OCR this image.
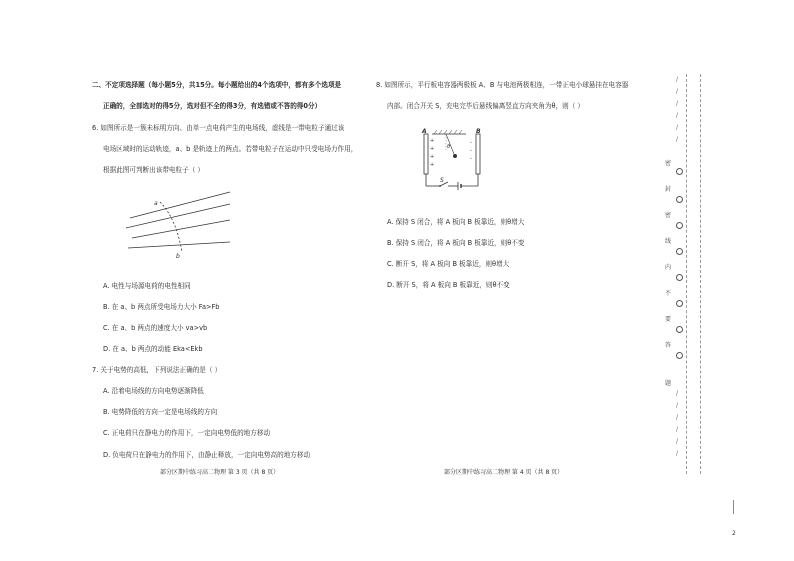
二、不定项选择题（每小题5分，共15分。每小题给出的4个选项中，都有多个选项是
正确的，全部选对的得5分，选对但不全的得3分，有选错或不答的得0分）
6. 如图所示是一簇未标明方向、由单一点电荷产生的电场线，虚线是一带电粒子通过该
电场区域时的运动轨迹，a、b 是轨迹上的两点。若带电粒子在运动中只受电场力作用，
根据此图可判断出该带电粒子（ ）
a
b
A. 电性与场源电荷的电性相同
B. 在 a、b 两点所受电场力大小 Fa>Fb
C. 在 a、b 两点的速度大小 va>vb
D. 在 a、b 两点的动能 Eka<Ekb
7. 关于电势的高低，下列说法正确的是（ ）
A. 沿着电场线的方向电势逐渐降低
B. 电势降低的方向一定是电场线的方向
C. 正电荷只在静电力的作用下，一定向电势低的地方移动
D. 负电荷只在静电力的作用下，由静止释放，一定向电势高的地方移动
部分区期中练习高二物理 第 3 页（共 8 页）
8. 如图所示，平行板电容器两极板 A、B 与电池两极相连，一带正电小球悬挂在电容器
内部。闭合开关 S，充电完毕后悬线偏离竖直方向夹角为θ，则（ ）
+
+
+
+
-
-
-
θ
A	B
S
A. 保持 S 闭合，将 A 板向 B 板靠近，则θ增大
B. 保持 S 闭合，将 A 板向 B 板靠近，则θ不变
C. 断开 S，将 A 板向 B 板靠近，则θ增大
D. 断开 S，将 A 板向 B 板靠近，则θ不变
部分区期中练习高二物理 第 4 页（共 8 页）
/
/
/
/
/
/
/
/
/
/
/
/
密
封
密
线
内
不
要
答
题
2
